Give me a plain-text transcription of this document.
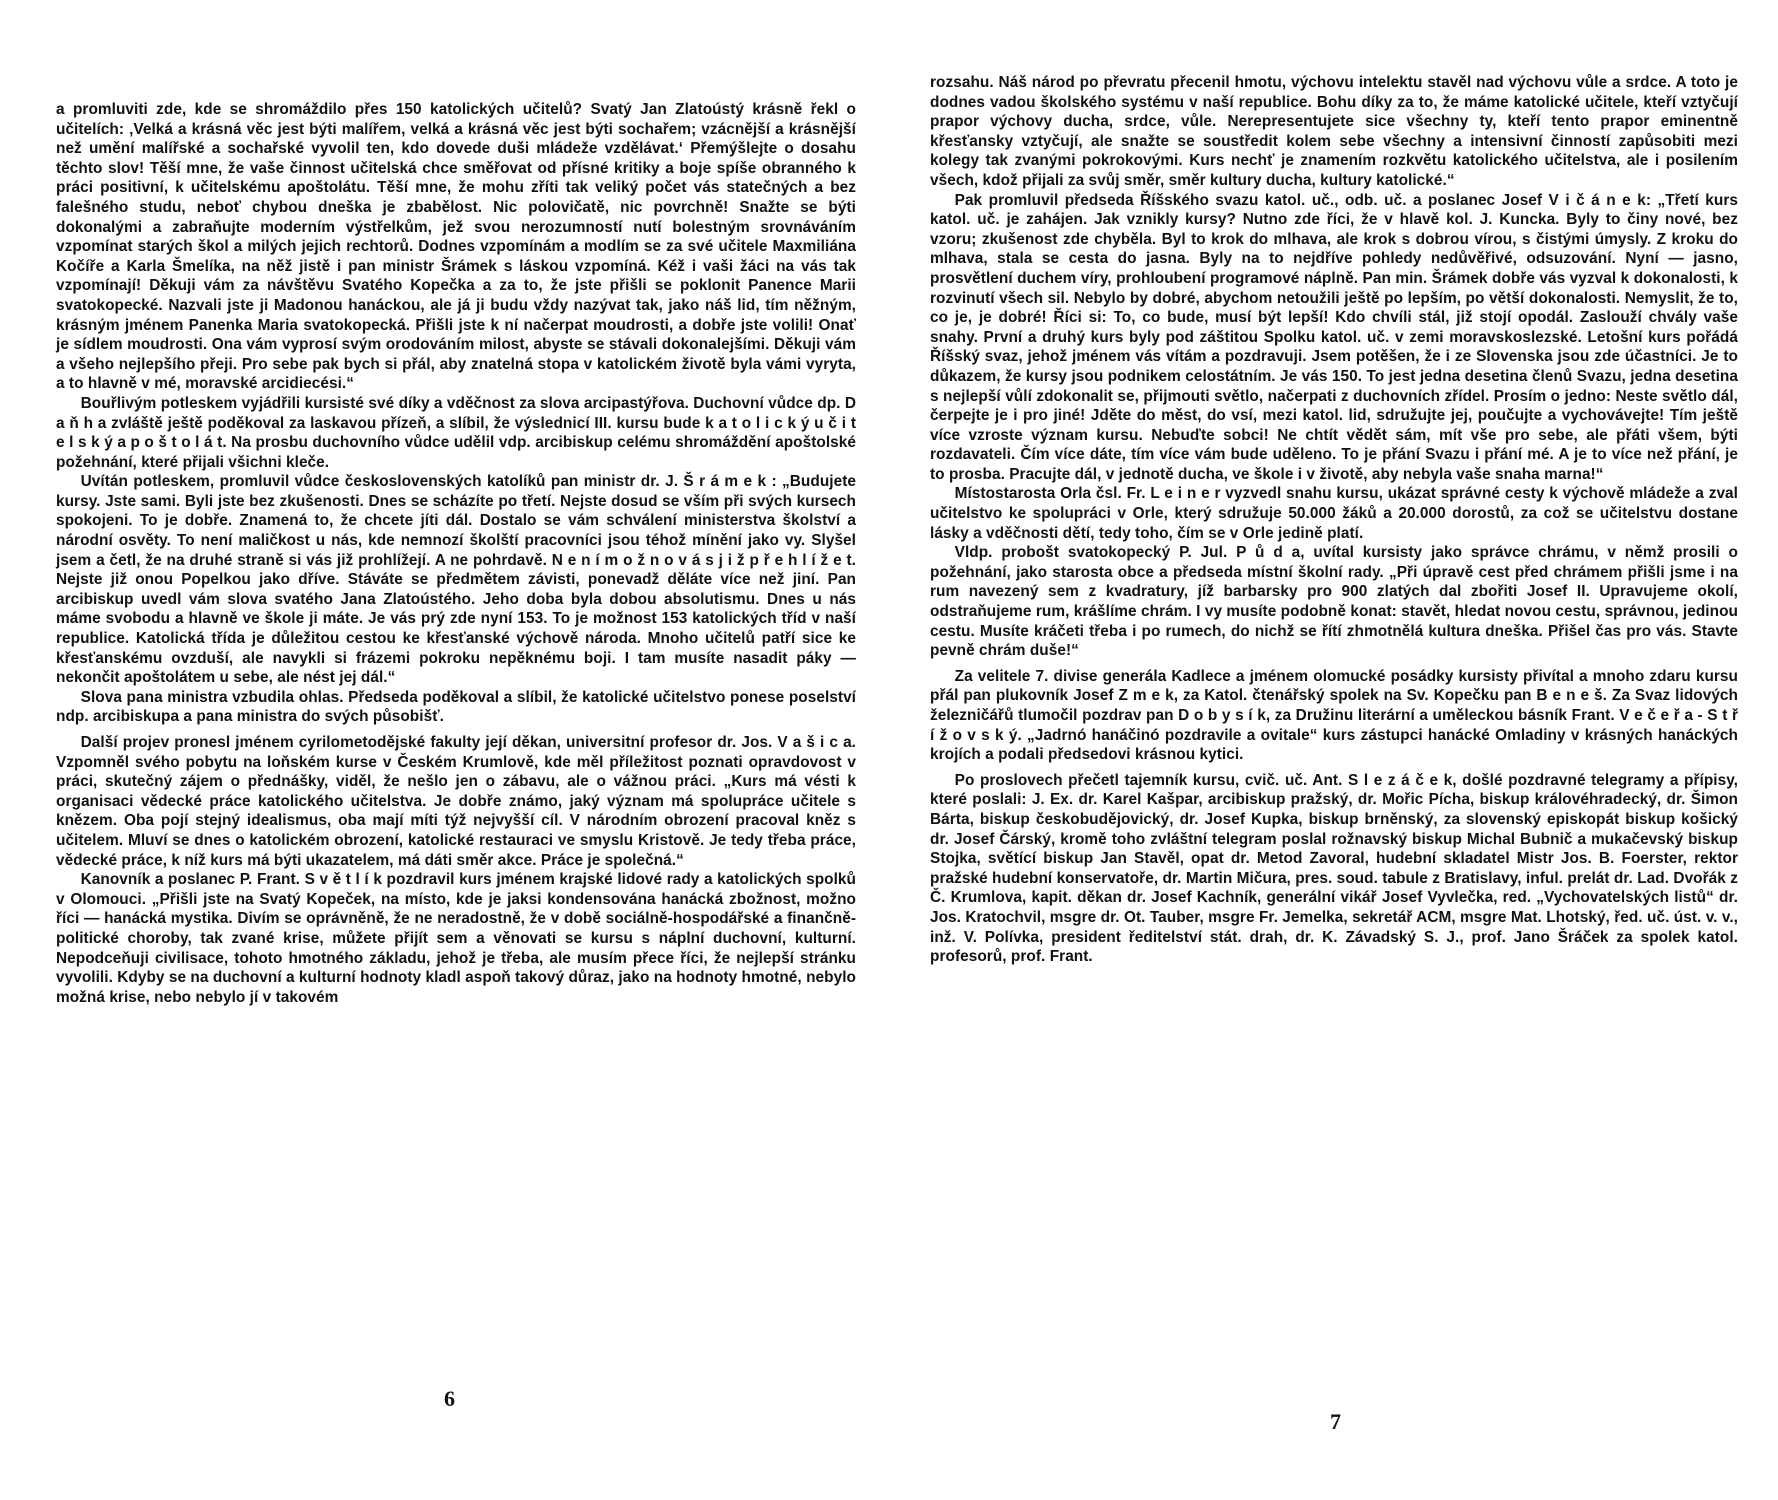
a promluviti zde, kde se shromáždilo přes 150 katolických učitelů? Svatý Jan Zlatoústý krásně řekl o učitelích: ‚Velká a krásná věc jest býti malířem, velká a krásná věc jest býti sochařem; vzácnější a krásnější než umění malířské a sochařské vyvolil ten, kdo dovede duši mládeže vzdělávat.‘ Přemýšlejte o dosahu těchto slov! Těší mne, že vaše činnost učitelská chce směřovat od přísné kritiky a boje spíše obranného k práci positivní, k učitelskému apoštolátu. Těší mne, že mohu zříti tak veliký počet vás statečných a bez falešného studu, neboť chybou dneška je zbabělost. Nic polovičatě, nic povrchně! Snažte se býti dokonalými a zabraňujte moderním výstřelkům, jež svou nerozumností nutí bolestným srovnáváním vzpomínat starých škol a milých jejich rechtorů. Dodnes vzpomínám a modlím se za své učitele Maxmiliána Kočíře a Karla Šmelíka, na něž jistě i pan ministr Šrámek s láskou vzpomíná. Kéž i vaši žáci na vás tak vzpomínají! Děkuji vám za návštěvu Svatého Kopečka a za to, že jste přišli se poklonit Panence Marii svatokopecké. Nazvali jste ji Madonou hanáckou, ale já ji budu vždy nazývat tak, jako náš lid, tím něžným, krásným jménem Panenka Maria svatokopecká. Přišli jste k ní načerpat moudrosti, a dobře jste volili! Onať je sídlem moudrosti. Ona vám vyprosí svým orodováním milost, abyste se stávali dokonalejšími. Děkuji vám a všeho nejlepšího přeji. Pro sebe pak bych si přál, aby znatelná stopa v katolickém životě byla vámi vyryta, a to hlavně v mé, moravské arcidiecési.“

Bouřlivým potleskem vyjádřili kursisté své díky a vděčnost za slova arcipastýřova. Duchovní vůdce dp. D a ň h a zvláště ještě poděkoval za laskavou přízeň, a slíbil, že výslednicí III. kursu bude k a t o l i c k ý u č i t e l s k ý a p o š t o l á t. Na prosbu duchovního vůdce udělil vdp. arcibiskup celému shromáždění apoštolské požehnání, které přijali všichni kleče.

Uvítán potleskem, promluvil vůdce československých katolíků pan ministr dr. J. Š r á m e k : „Budujete kursy. Jste sami. Byli jste bez zkušenosti. Dnes se scházíte po třetí. Nejste dosud se vším při svých kursech spokojeni. To je dobře. Znamená to, že chcete jíti dál. Dostalo se vám schválení ministerstva školství a národní osvěty. To není maličkost u nás, kde nemnozí školští pracovníci jsou téhož mínění jako vy. Slyšel jsem a četl, že na druhé straně si vás již prohlížejí. A ne pohrdavě. N e n í m o ž n o v á s j i ž p ř e h l í ž e t. Nejste již onou Popelkou jako dříve. Stáváte se předmětem závisti, ponevadž děláte více než jiní. Pan arcibiskup uvedl vám slova svatého Jana Zlatoústého. Jeho doba byla dobou absolutismu. Dnes u nás máme svobodu a hlavně ve škole ji máte. Je vás prý zde nyní 153. To je možnost 153 katolických tříd v naší republice. Katolická třída je důležitou cestou ke křesťanské výchově národa. Mnoho učitelů patří sice ke křesťanskému ovzduší, ale navykli si frázemi pokroku nepěknému boji. I tam musíte nasadit páky — nekončit apoštolátem u sebe, ale nést jej dál.“

Slova pana ministra vzbudila ohlas. Předseda poděkoval a slíbil, že katolické učitelstvo ponese poselství ndp. arcibiskupa a pana ministra do svých působišť.

Další projev pronesl jménem cyrilometodějské fakulty její děkan, universitní profesor dr. Jos. V a š i c a. Vzpomněl svého pobytu na loňském kurse v Českém Krumlově, kde měl příležitost poznati opravdovost v práci, skutečný zájem o přednášky, viděl, že nešlo jen o zábavu, ale o vážnou práci. „Kurs má vésti k organisaci vědecké práce katolického učitelstva. Je dobře známo, jaký význam má spolupráce učitele s knězem. Oba pojí stejný idealismus, oba mají míti týž nejvyšší cíl. V národním obrození pracoval kněz s učitelem. Mluví se dnes o katolickém obrození, katolické restauraci ve smyslu Kristově. Je tedy třeba práce, vědecké práce, k níž kurs má býti ukazatelem, má dáti směr akce. Práce je společná.“

Kanovník a poslanec P. Frant. S v ě t l í k pozdravil kurs jménem krajské lidové rady a katolických spolků v Olomouci. „Přišli jste na Svatý Kopeček, na místo, kde je jaksi kondensována hanácká zbožnost, možno říci — hanácká mystika. Divím se oprávněně, že ne neradostně, že v době sociálně-hospodářské a finančně-politické choroby, tak zvané krise, můžete přijít sem a věnovati se kursu s náplní duchovní, kulturní. Nepodceňuji civilisace, tohoto hmotného základu, jehož je třeba, ale musím přece říci, že nejlepší stránku vyvolili. Kdyby se na duchovní a kulturní hodnoty kladl aspoň takový důraz, jako na hodnoty hmotné, nebylo možná krise, nebo nebylo jí v takovém

6

rozsahu. Náš národ po převratu přecenil hmotu, výchovu intelektu stavěl nad výchovu vůle a srdce. A toto je dodnes vadou školského systému v naší republice. Bohu díky za to, že máme katolické učitele, kteří vztyčují prapor výchovy ducha, srdce, vůle. Nerepresentujete sice všechny ty, kteří tento prapor eminentně křesťansky vztyčují, ale snažte se soustředit kolem sebe všechny a intensivní činností zapůsobiti mezi kolegy tak zvanými pokrokovými. Kurs nechť je znamením rozkvětu katolického učitelstva, ale i posilením všech, kdož přijali za svůj směr, směr kultury ducha, kultury katolické.“

Pak promluvil předseda Říšského svazu katol. uč., odb. uč. a poslanec Josef V i č á n e k: „Třetí kurs katol. uč. je zahájen. Jak vznikly kursy? Nutno zde říci, že v hlavě kol. J. Kuncka. Byly to činy nové, bez vzoru; zkušenost zde chyběla. Byl to krok do mlhava, ale krok s dobrou vírou, s čistými úmysly. Z kroku do mlhava, stala se cesta do jasna. Byly na to nejdříve pohledy nedůvěřivé, odsuzování. Nyní — jasno, prosvětlení duchem víry, prohloubení programové náplně. Pan min. Šrámek dobře vás vyzval k dokonalosti, k rozvinutí všech sil. Nebylo by dobré, abychom netoužili ještě po lepším, po větší dokonalosti. Nemyslit, že to, co je, je dobré! Říci si: To, co bude, musí být lepší! Kdo chvíli stál, již stojí opodál. Zaslouží chvály vaše snahy. První a druhý kurs byly pod záštitou Spolku katol. uč. v zemi moravskoslezské. Letošní kurs pořádá Říšský svaz, jehož jménem vás vítám a pozdravuji. Jsem potěšen, že i ze Slovenska jsou zde účastníci. Je to důkazem, že kursy jsou podnikem celostátním. Je vás 150. To jest jedna desetina členů Svazu, jedna desetina s nejlepší vůlí zdokonalit se, přijmouti světlo, načerpati z duchovních zřídel. Prosím o jedno: Neste světlo dál, čerpejte je i pro jiné! Jděte do měst, do vsí, mezi katol. lid, sdružujte jej, poučujte a vychovávejte! Tím ještě více vzroste význam kursu. Nebuďte sobci! Ne chtít vědět sám, mít vše pro sebe, ale přáti všem, býti rozdavateli. Čím více dáte, tím více vám bude uděleno. To je přání Svazu i přání mé. A je to více než přání, je to prosba. Pracujte dál, v jednotě ducha, ve škole i v životě, aby nebyla vaše snaha marna!“

Místostarosta Orla čsl. Fr. L e i n e r vyzvedl snahu kursu, ukázat správné cesty k výchově mládeže a zval učitelstvo ke spolupráci v Orle, který sdružuje 50.000 žáků a 20.000 dorostů, za což se učitelstvu dostane lásky a vděčnosti dětí, tedy toho, čím se v Orle jedině platí.

Vldp. probošt svatokopecký P. Jul. P ů d a, uvítal kursisty jako správce chrámu, v němž prosili o požehnání, jako starosta obce a předseda místní školní rady. „Při úpravě cest před chrámem přišli jsme i na rum navezený sem z kvadratury, jíž barbarsky pro 900 zlatých dal zbořiti Josef II. Upravujeme okolí, odstraňujeme rum, krášlíme chrám. I vy musíte podobně konat: stavět, hledat novou cestu, správnou, jedinou cestu. Musíte kráčeti třeba i po rumech, do nichž se řítí zhmotnělá kultura dneška. Přišel čas pro vás. Stavte pevně chrám duše!“

Za velitele 7. divise generála Kadlece a jménem olomucké posádky kursisty přivítal a mnoho zdaru kursu přál pan plukovník Josef Z m e k, za Katol. čtenářský spolek na Sv. Kopečku pan B e n e š. Za Svaz lidových železničářů tlumočil pozdrav pan D o b y s í k, za Družinu literární a uměleckou básník Frant. V e č e ř a - S t ř í ž o v s k ý. „Jadrnó hanáčinó pozdravile a ovitale“ kurs zástupci hanácké Omladiny v krásných hanáckých krojích a podali předsedovi krásnou kytici.

Po proslovech přečetl tajemník kursu, cvič. uč. Ant. S l e z á č e k, došlé pozdravné telegramy a přípisy, které poslali: J. Ex. dr. Karel Kašpar, arcibiskup pražský, dr. Mořic Pícha, biskup královéhradecký, dr. Šimon Bárta, biskup českobudějovický, dr. Josef Kupka, biskup brněnský, za slovenský episkopát biskup košický dr. Josef Čárský, kromě toho zvláštní telegram poslal rožnavský biskup Michal Bubnič a mukačevský biskup Stojka, světící biskup Jan Stavěl, opat dr. Metod Zavoral, hudební skladatel Mistr Jos. B. Foerster, rektor pražské hudební konservatoře, dr. Martin Mičura, pres. soud. tabule z Bratislavy, inful. prelát dr. Lad. Dvořák z Č. Krumlova, kapit. děkan dr. Josef Kachník, generální vikář Josef Vyvlečka, red. „Vychovatelských listů“ dr. Jos. Kratochvil, msgre dr. Ot. Tauber, msgre Fr. Jemelka, sekretář ACM, msgre Mat. Lhotský, řed. uč. úst. v. v., inž. V. Polívka, president ředitelství stát. drah, dr. K. Závadský S. J., prof. Jano Šráček za spolek katol. profesorů, prof. Frant.

7
